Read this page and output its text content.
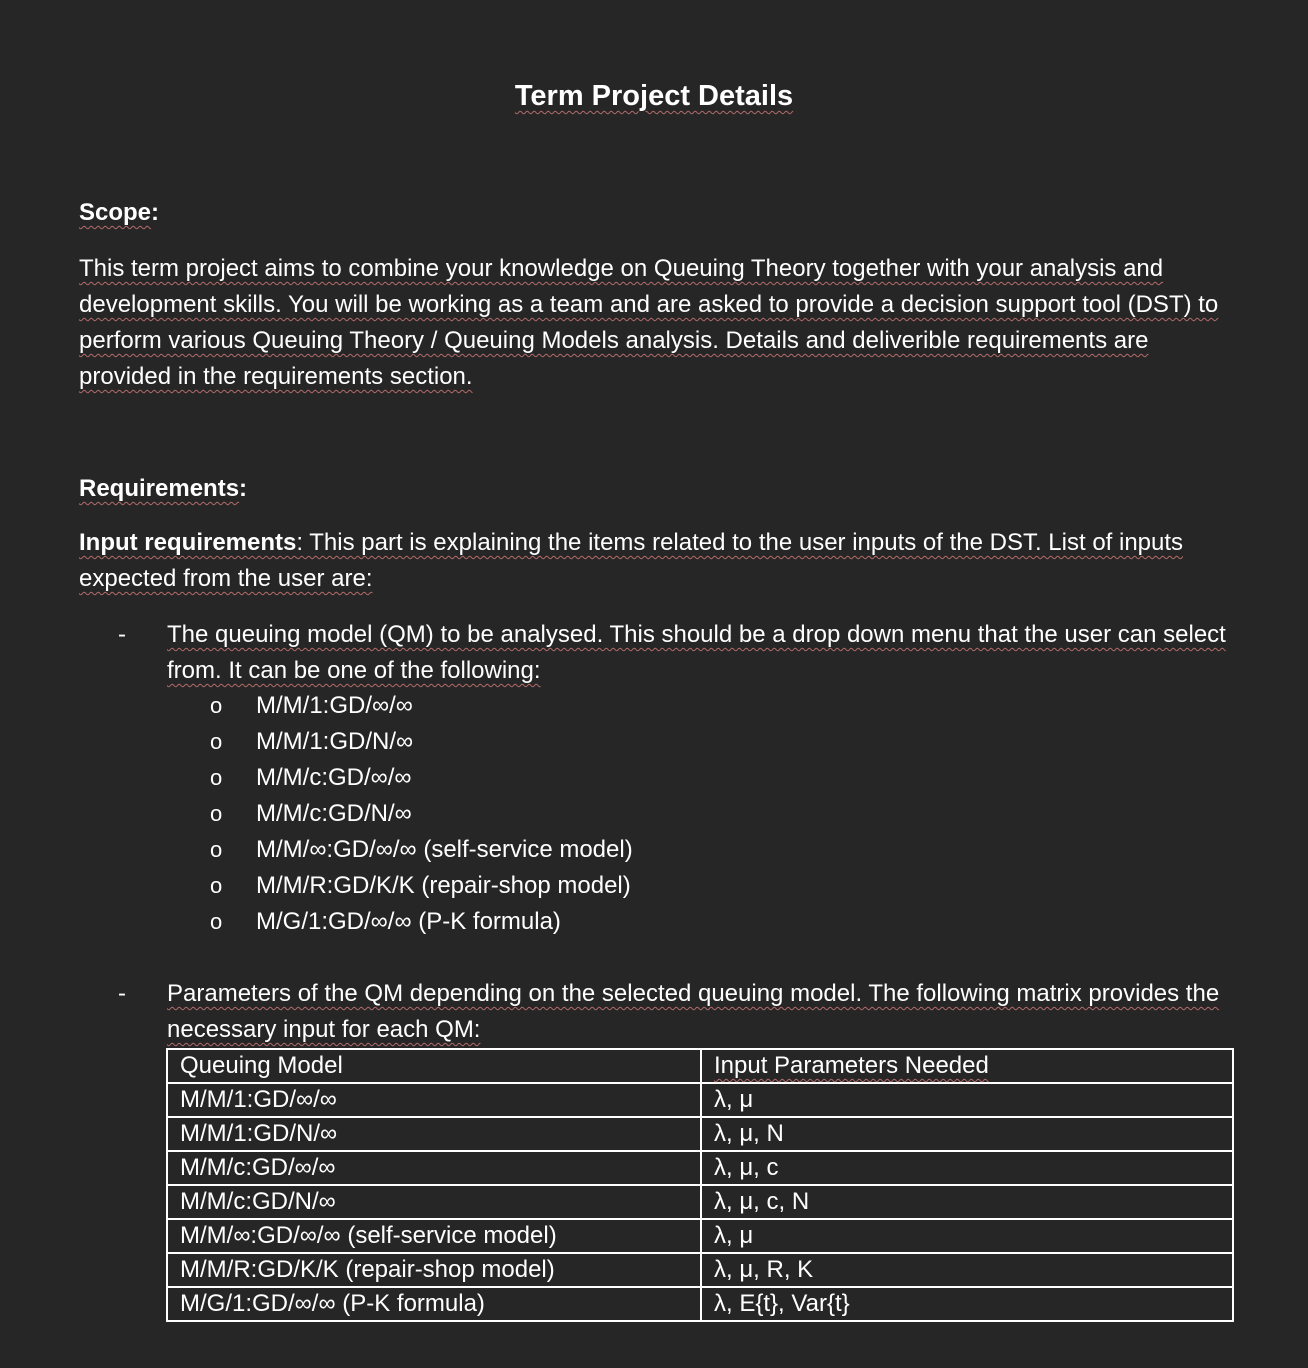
Term Project Details
Scope:
This term project aims to combine your knowledge on Queuing Theory together with your analysis and development skills. You will be working as a team and are asked to provide a decision support tool (DST) to perform various Queuing Theory / Queuing Models analysis. Details and deliverible requirements are provided in the requirements section.
Requirements:
Input requirements: This part is explaining the items related to the user inputs of the DST. List of inputs expected from the user are:
-	The queuing model (QM) to be analysed. This should be a drop down menu that the user can select from. It can be one of the following:
o M/M/1:GD/∞/∞
o M/M/1:GD/N/∞
o M/M/c:GD/∞/∞
o M/M/c:GD/N/∞
o M/M/∞:GD/∞/∞ (self-service model)
o M/M/R:GD/K/K (repair-shop model)
o M/G/1:GD/∞/∞ (P-K formula)
-	Parameters of the QM depending on the selected queuing model. The following matrix provides the necessary input for each QM:
Queuing Model	Input Parameters Needed
M/M/1:GD/∞/∞	λ, μ
M/M/1:GD/N/∞	λ, μ, N
M/M/c:GD/∞/∞	λ, μ, c
M/M/c:GD/N/∞	λ, μ, c, N
M/M/∞:GD/∞/∞ (self-service model)	λ, μ
M/M/R:GD/K/K (repair-shop model)	λ, μ, R, K
M/G/1:GD/∞/∞ (P-K formula)	λ, E{t}, Var{t}
